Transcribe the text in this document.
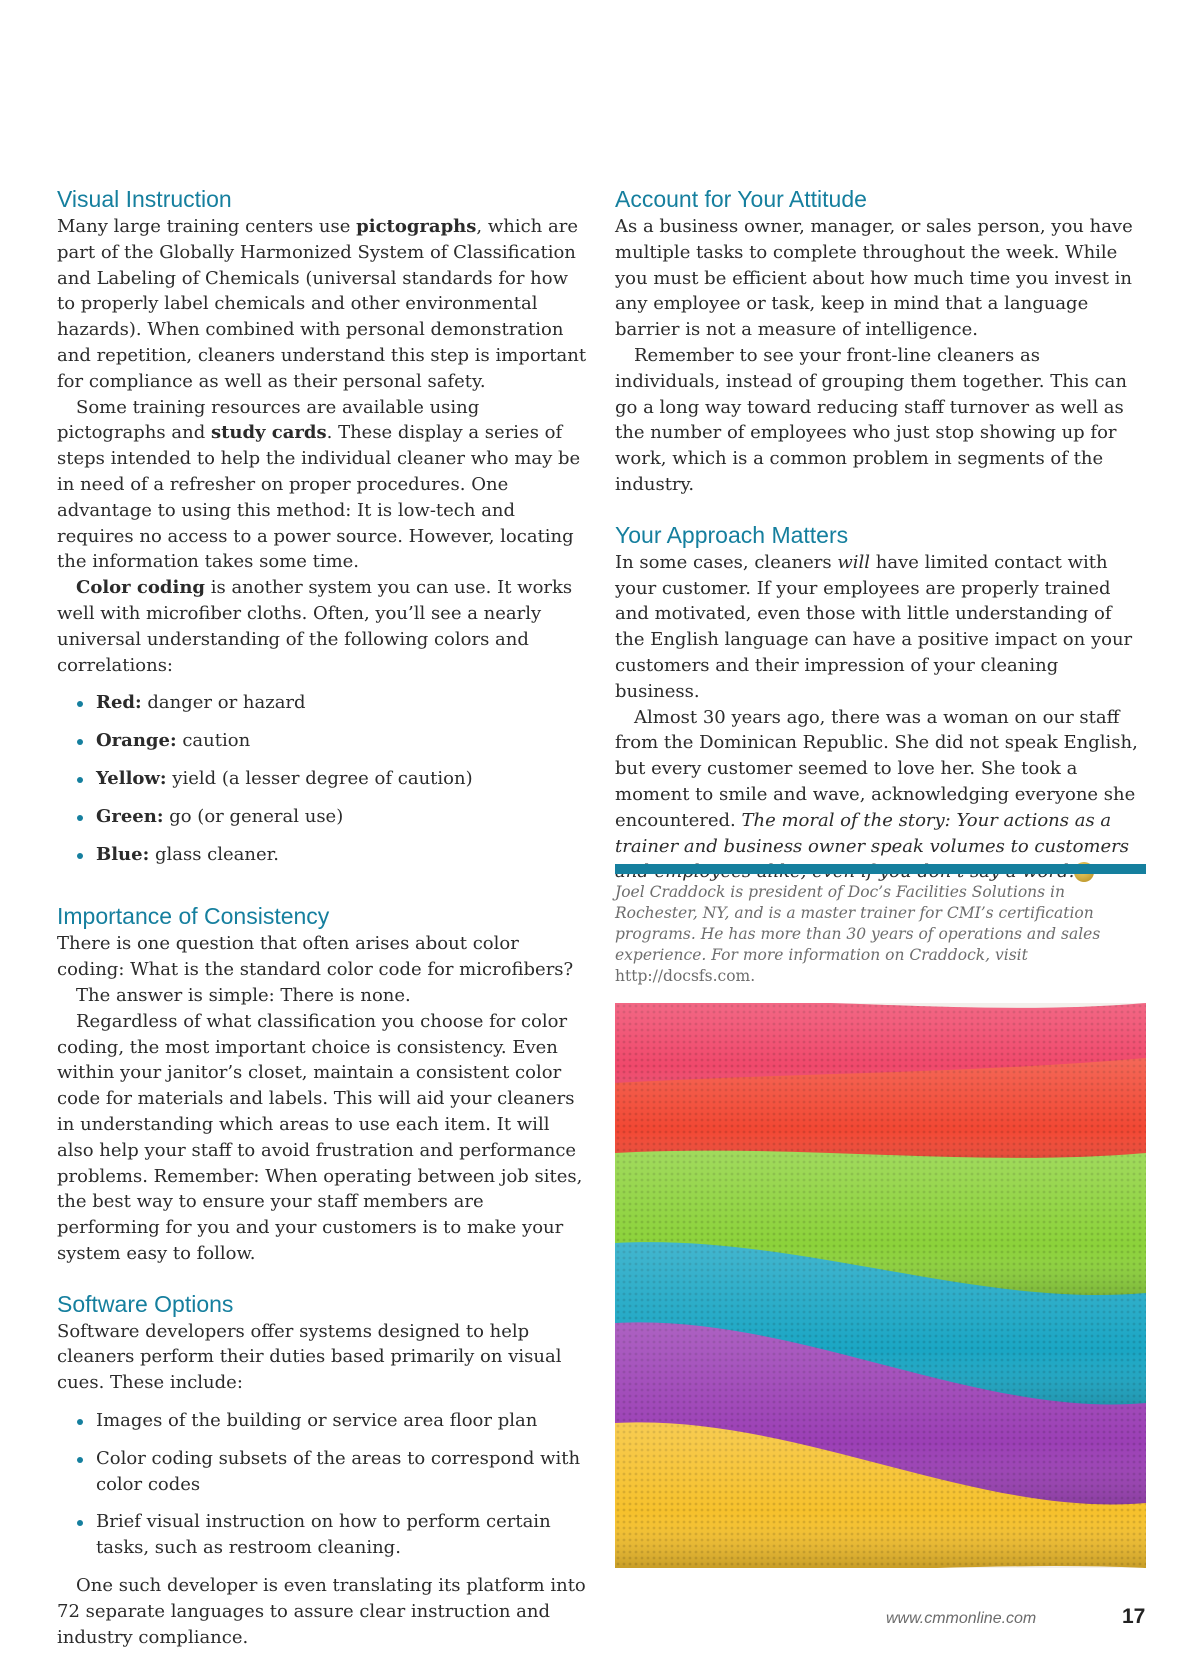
Visual Instruction

Many large training centers use pictographs, which are part of the Globally Harmonized System of Classification and Labeling of Chemicals (universal standards for how to properly label chemicals and other environmental hazards). When combined with personal demonstration and repetition, cleaners understand this step is important for compliance as well as their personal safety.

Some training resources are available using pictographs and study cards. These display a series of steps intended to help the individual cleaner who may be in need of a refresher on proper procedures. One advantage to using this method: It is low-tech and requires no access to a power source. However, locating the information takes some time.

Color coding is another system you can use. It works well with microfiber cloths. Often, you’ll see a nearly universal understanding of the following colors and correlations:

Red: danger or hazard
Orange: caution
Yellow: yield (a lesser degree of caution)
Green: go (or general use)
Blue: glass cleaner.
Importance of Consistency

There is one question that often arises about color coding: What is the standard color code for microfibers?

The answer is simple: There is none.

Regardless of what classification you choose for color coding, the most important choice is consistency. Even within your janitor’s closet, maintain a consistent color code for materials and labels. This will aid your cleaners in understanding which areas to use each item. It will also help your staff to avoid frustration and performance problems. Remember: When operating between job sites, the best way to ensure your staff members are performing for you and your customers is to make your system easy to follow.

Software Options

Software developers offer systems designed to help cleaners perform their duties based primarily on visual cues. These include:

Images of the building or service area floor plan
Color coding subsets of the areas to correspond with color codes
Brief visual instruction on how to perform certain tasks, such as restroom cleaning.

One such developer is even translating its platform into 72 separate languages to assure clear instruction and industry compliance.

Account for Your Attitude

As a business owner, manager, or sales person, you have multiple tasks to complete throughout the week. While you must be efficient about how much time you invest in any employee or task, keep in mind that a language barrier is not a measure of intelligence.

Remember to see your front-line cleaners as individuals, instead of grouping them together. This can go a long way toward reducing staff turnover as well as the number of employees who just stop showing up for work, which is a common problem in segments of the industry.

Your Approach Matters

In some cases, cleaners will have limited contact with your customer. If your employees are properly trained and motivated, even those with little understanding of the English language can have a positive impact on your customers and their impression of your cleaning business.

Almost 30 years ago, there was a woman on our staff from the Dominican Republic. She did not speak English, but every customer seemed to love her. She took a moment to smile and wave, acknowledging everyone she encountered. The moral of the story: Your actions as a trainer and business owner speak volumes to customers

Joel Craddock is president of Doc’s Facilities Solutions in Rochester, NY, and is a master trainer for CMI’s certification programs. He has more than 30 years of operations and sales experience. For more information on Craddock, visit http://docsfs.com.

www.cmmonline.com	17
